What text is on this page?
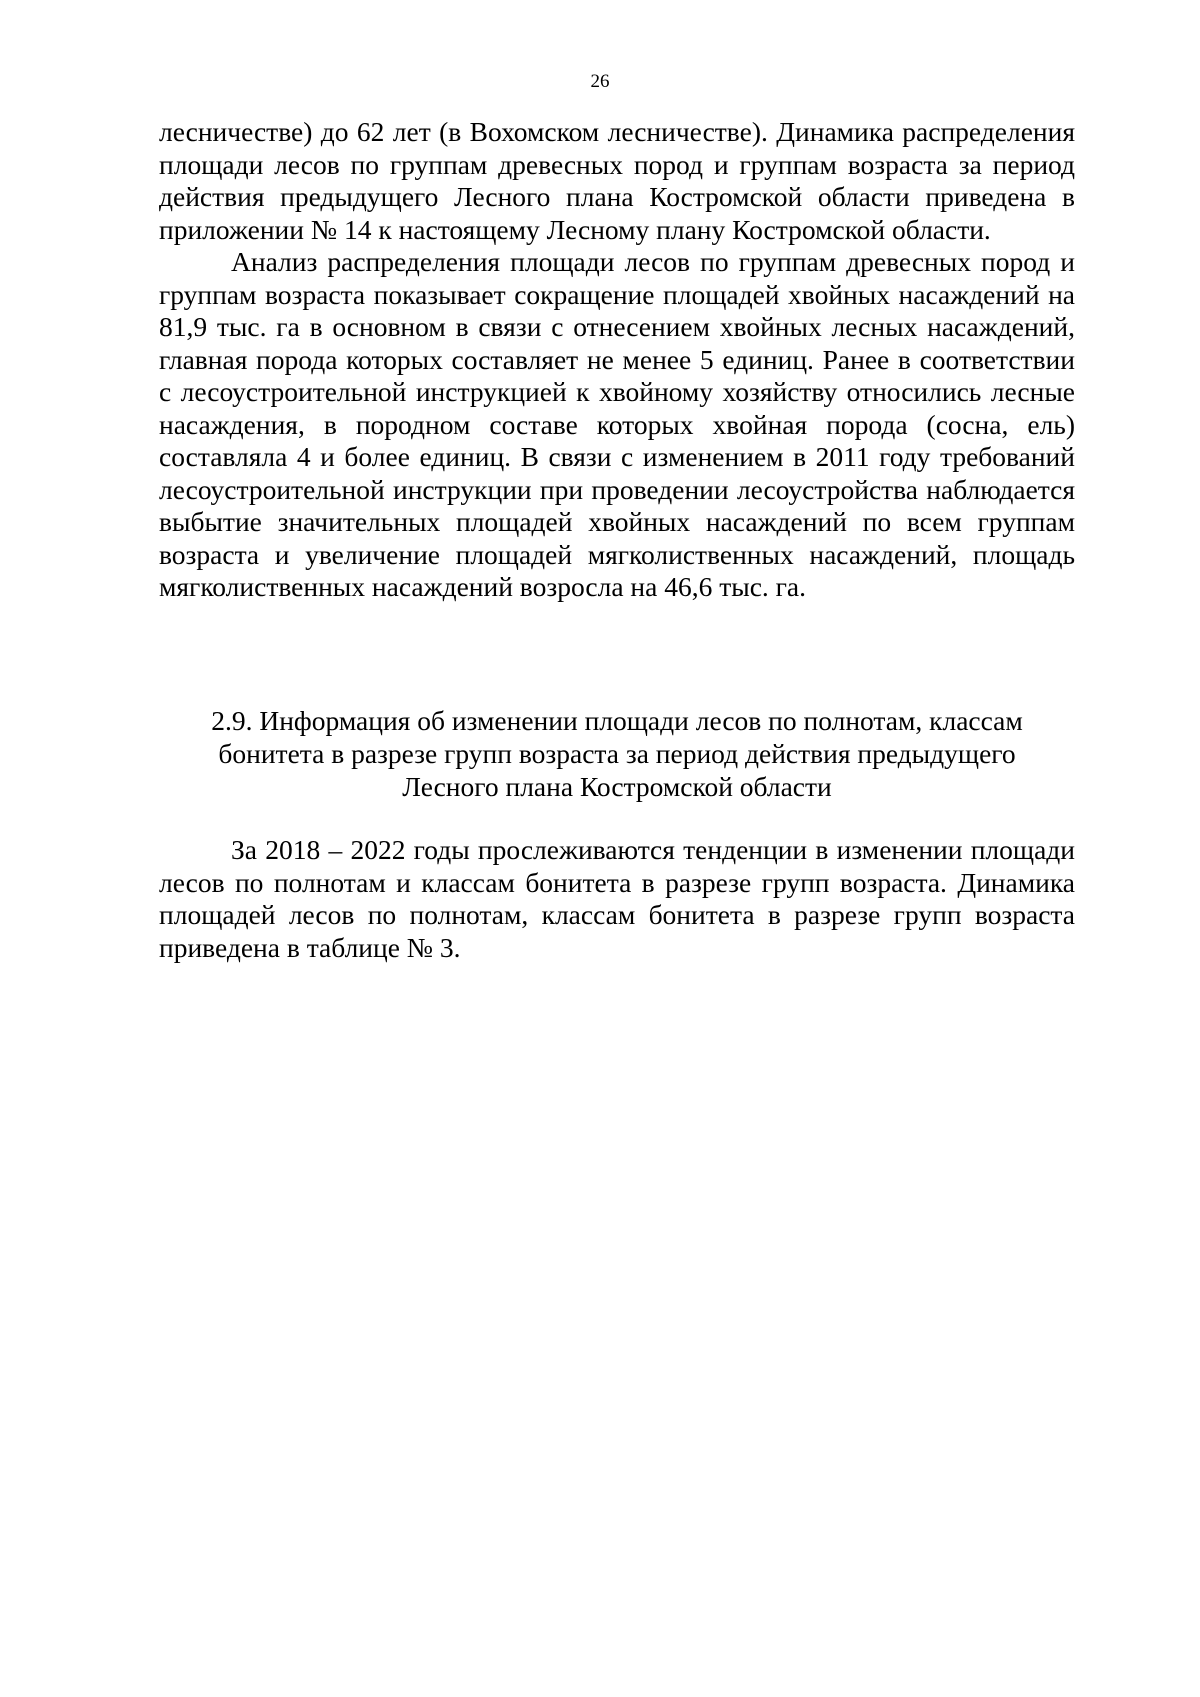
26

лесничестве) до 62 лет (в Вохомском лесничестве). Динамика распределения площади лесов по группам древесных пород и группам возраста за период действия предыдущего Лесного плана Костромской области приведена в приложении № 14 к настоящему Лесному плану Костромской области.

Анализ распределения площади лесов по группам древесных пород и группам возраста показывает сокращение площадей хвойных насаждений на 81,9 тыс. га в основном в связи с отнесением хвойных лесных насаждений, главная порода которых составляет не менее 5 единиц. Ранее в соответствии с лесоустроительной инструкцией к хвойному хозяйству относились лесные насаждения, в породном составе которых хвойная порода (сосна, ель) составляла 4 и более единиц. В связи с изменением в 2011 году требований лесоустроительной инструкции при проведении лесоустройства наблюдается выбытие значительных площадей хвойных насаждений по всем группам возраста и увеличение площадей мягколиственных насаждений, площадь мягколиственных насаждений возросла на 46,6 тыс. га.

2.9. Информация об изменении площади лесов по полнотам, классам
бонитета в разрезе групп возраста за период действия предыдущего
Лесного плана Костромской области

За 2018 – 2022 годы прослеживаются тенденции в изменении площади лесов по полнотам и классам бонитета в разрезе групп возраста. Динамика площадей лесов по полнотам, классам бонитета в разрезе групп возраста приведена в таблице № 3.
